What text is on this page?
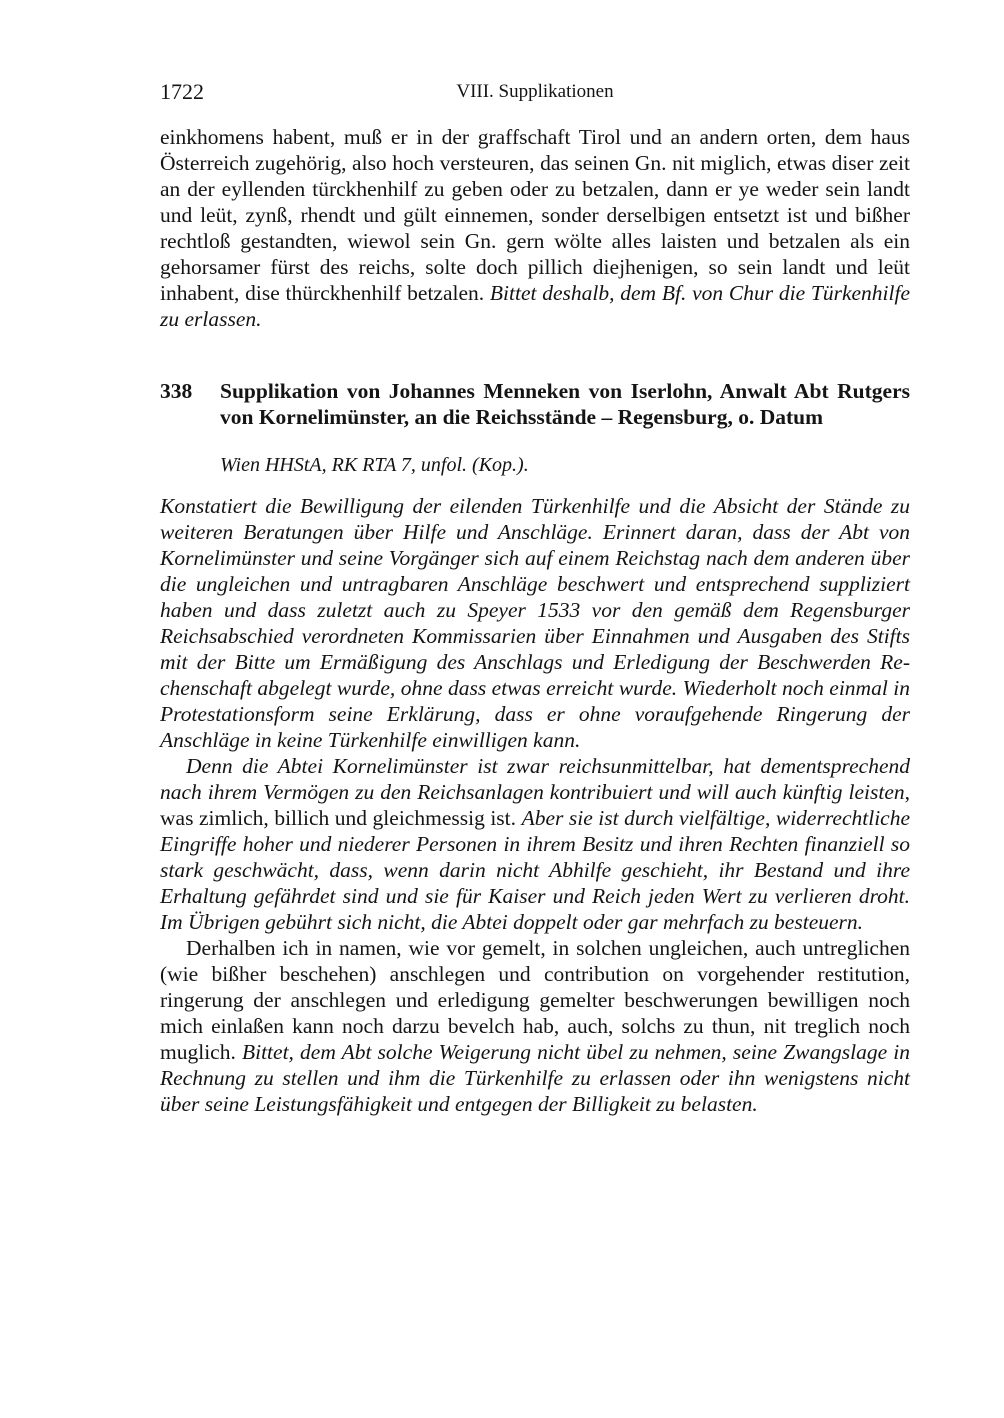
1722	VIII. Supplikationen

einkhomens habent, muß er in der graffschaft Tirol und an andern orten, dem haus Österreich zugehörig, also hoch versteuren, das seinen Gn. nit miglich, etwas diser zeit an der eyllenden türckhenhilf zu geben oder zu betzalen, dann er ye weder sein landt und leüt, zynß, rhendt und gült einnemen, sonder derselbigen entsetzt ist und bißher rechtloß gestandten, wiewol sein Gn. gern wölte alles laisten und betzalen als ein gehorsamer fürst des reichs, solte doch pillich diejhenigen, so sein landt und leüt inhabent, dise thürckhenhilf betzalen. Bittet deshalb, dem Bf. von Chur die Türkenhilfe zu erlassen.

338 Supplikation von Johannes Menneken von Iserlohn, Anwalt Abt Rutgers von Kornelimünster, an die Reichsstände – Regensburg, o. Datum
Wien HHStA, RK RTA 7, unfol. (Kop.).

Konstatiert die Bewilligung der eilenden Türkenhilfe und die Absicht der Stände zu weiteren Beratungen über Hilfe und Anschläge. Erinnert daran, dass der Abt von Kornelimünster und seine Vorgänger sich auf einem Reichstag nach dem anderen über die ungleichen und untragbaren Anschläge beschwert und entsprechend suppliziert haben und dass zuletzt auch zu Speyer 1533 vor den gemäß dem Regensburger Reichsabschied verordneten Kommissarien über Einnahmen und Ausgaben des Stifts mit der Bitte um Ermäßigung des Anschlags und Erledigung der Beschwerden Rechenschaft abgelegt wurde, ohne dass etwas erreicht wurde. Wiederholt noch einmal in Protestationsform seine Erklärung, dass er ohne voraufgehende Ringerung der Anschläge in keine Türkenhilfe einwilligen kann.

Denn die Abtei Kornelimünster ist zwar reichsunmittelbar, hat dementsprechend nach ihrem Vermögen zu den Reichsanlagen kontribuiert und will auch künftig leisten, was zimlich, billich und gleichmessig ist. Aber sie ist durch vielfältige, widerrechtliche Eingriffe hoher und niederer Personen in ihrem Besitz und ihren Rechten finanziell so stark geschwächt, dass, wenn darin nicht Abhilfe geschieht, ihr Bestand und ihre Erhaltung gefährdet sind und sie für Kaiser und Reich jeden Wert zu verlieren droht. Im Übrigen gebührt sich nicht, die Abtei doppelt oder gar mehrfach zu besteuern.

Derhalben ich in namen, wie vor gemelt, in solchen ungleichen, auch untreglichen (wie bißher beschehen) anschlegen und contribution on vorgehender restitution, ringerung der anschlegen und erledigung gemelter beschwerungen bewilligen noch mich einlaßen kann noch darzu bevelch hab, auch, solchs zu thun, nit treglich noch muglich. Bittet, dem Abt solche Weigerung nicht übel zu nehmen, seine Zwangslage in Rechnung zu stellen und ihm die Türkenhilfe zu erlassen oder ihn wenigstens nicht über seine Leistungsfähigkeit und entgegen der Billigkeit zu belasten.
